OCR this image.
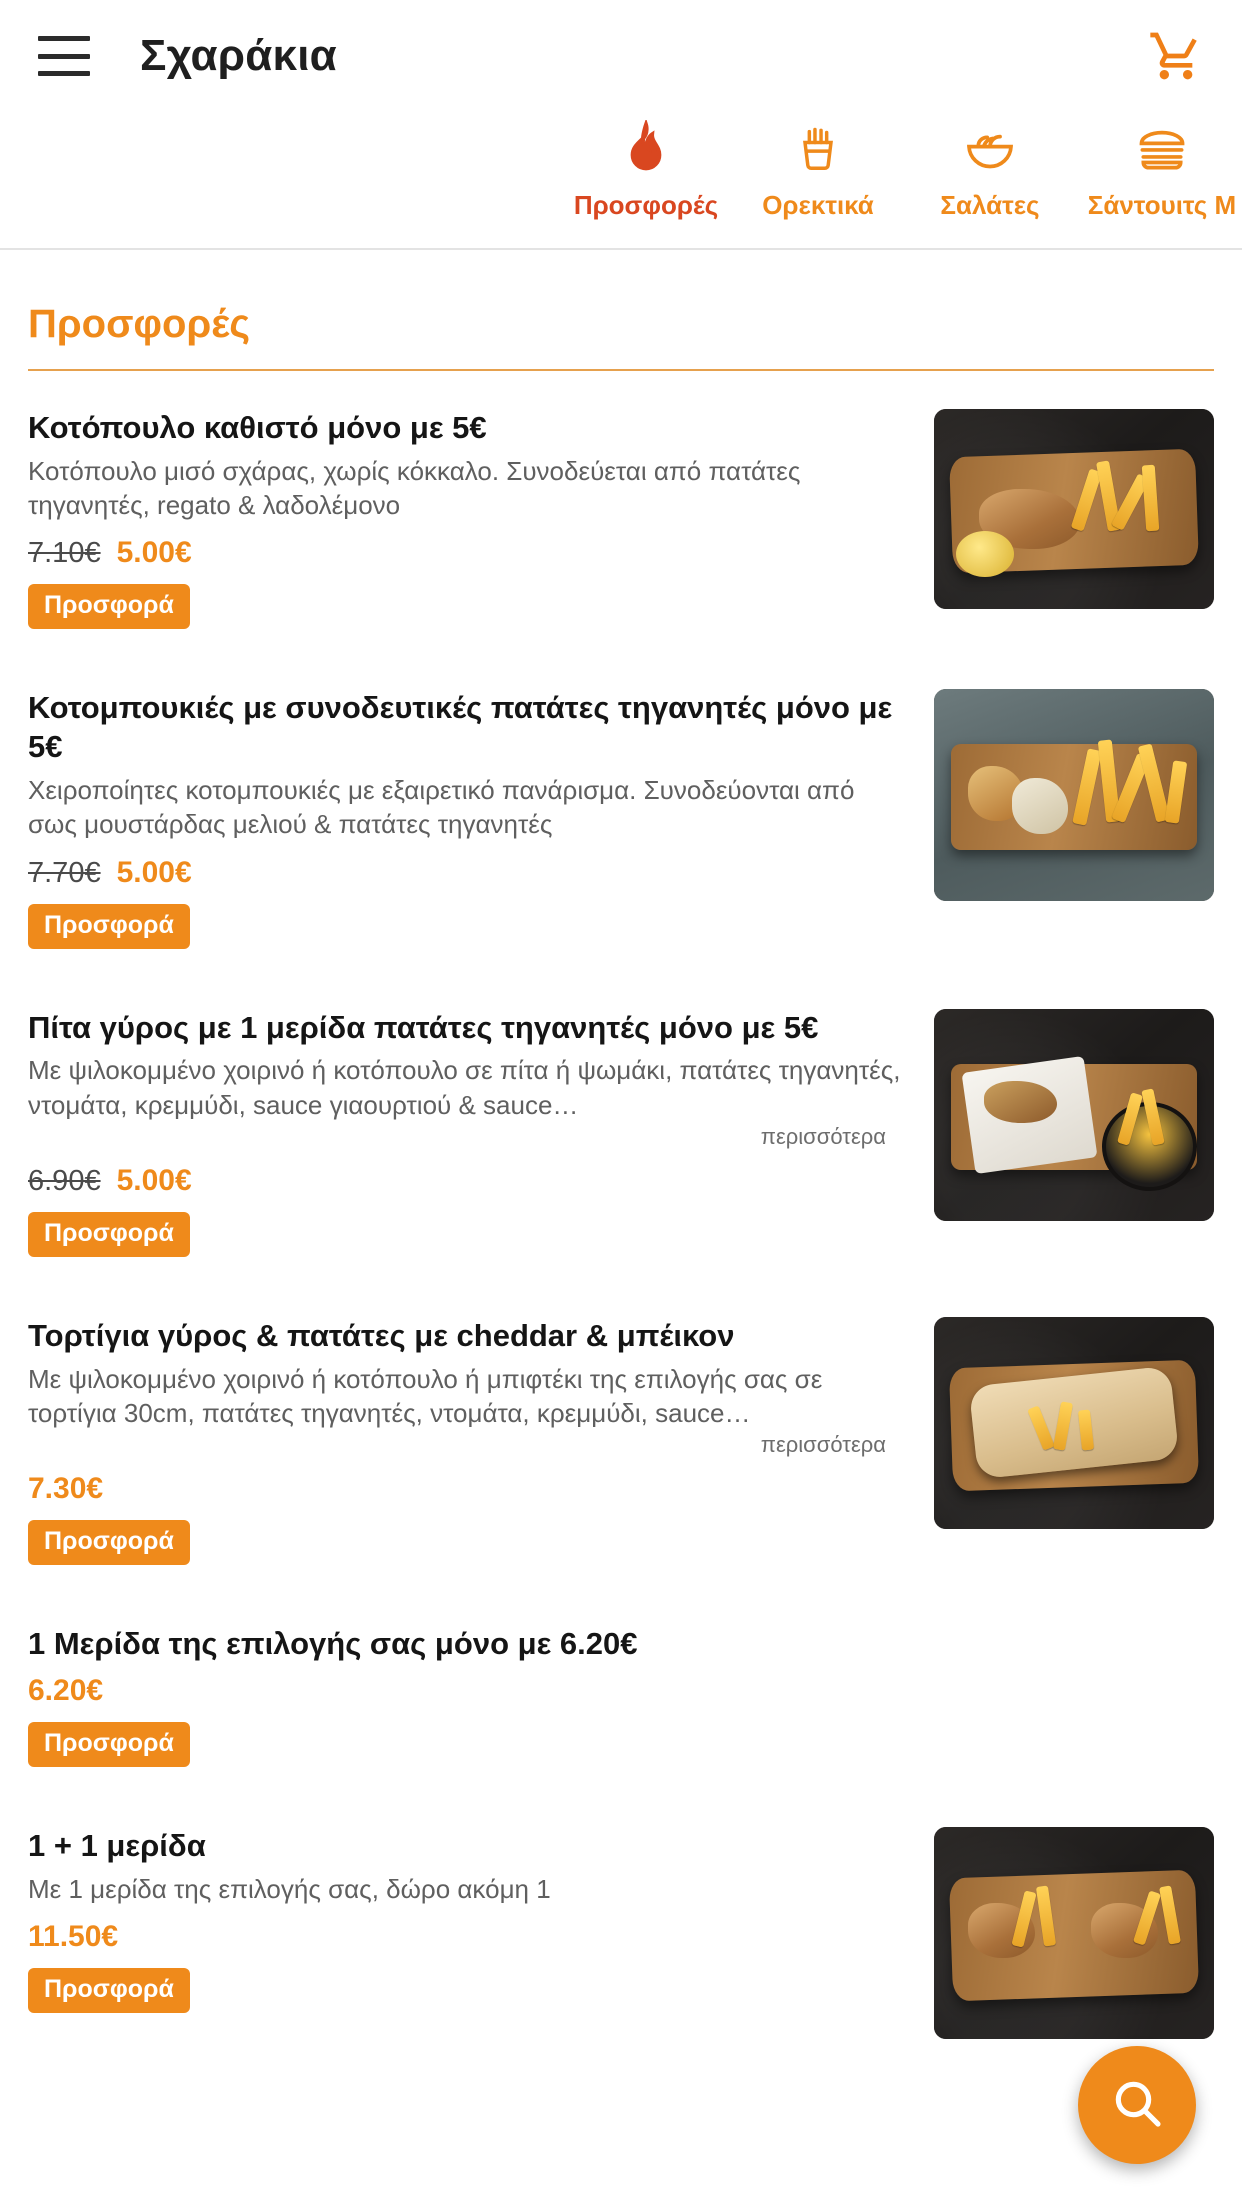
Σχαράκια
Προσφορές Ορεκτικά	Σαλάτες Σάντουιτς Μ
Προσφορές
Κοτόπουλο καθιστό μόνο με 5€
Κοτόπουλο μισό σχάρας, χωρίς κόκκαλο. Συνοδεύεται από πατάτες τηγανητές, regato & λαδολέμονο
7.10€ 5.00€
Προσφορά
Κοτομπουκιές με συνοδευτικές πατάτες τηγανητές μόνο με 5€
Χειροποίητες κοτομπουκιές με εξαιρετικό πανάρισμα. Συνοδεύονται από σως μουστάρδας μελιού & πατάτες τηγανητές
7.70€ 5.00€
Προσφορά
Πίτα γύρος με 1 μερίδα πατάτες τηγανητές μόνο με 5€
Με ψιλοκομμένο χοιρινό ή κοτόπουλο σε πίτα ή ψωμάκι, πατάτες τηγανητές, ντομάτα, κρεμμύδι, sauce γιαουρτιού & sauce…
περισσότερα
6.90€ 5.00€
Προσφορά
Τορτίγια γύρος & πατάτες με cheddar & μπέικον
Με ψιλοκομμένο χοιρινό ή κοτόπουλο ή μπιφτέκι της επιλογής σας σε τορτίγια 30cm, πατάτες τηγανητές, ντομάτα, κρεμμύδι, sauce…
περισσότερα
7.30€
Προσφορά
1 Μερίδα της επιλογής σας μόνο με 6.20€
6.20€
Προσφορά
1 + 1 μερίδα
Με 1 μερίδα της επιλογής σας, δώρο ακόμη 1
11.50€
Προσφορά
